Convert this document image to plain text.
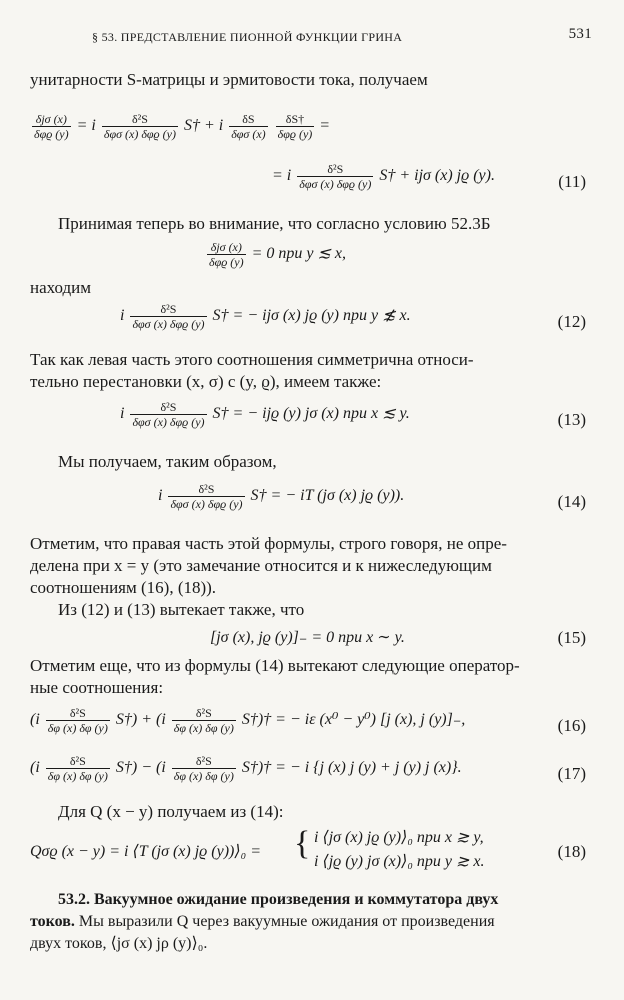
§ 53. ПРЕДСТАВЛЕНИЕ ПИОННОЙ ФУНКЦИИ ГРИНА	531
унитарности S-матрицы и эрмитовости тока, получаем
$\frac{\text{δjσ (x)}}{\text{δφϱ (y)}} = i \frac{\text{δ²S}}{\text{δφσ (x) δφϱ (y)}}$ S† + i $\frac{\delta S}{\text{δφσ (x)}}$
$\frac{\delta S\dagger}{\text{δφϱ (y)}}$ =
= i $\frac{\text{δ²S}}{\text{δφσ (x) δφϱ (y)}}$ S† + ijσ (x) jϱ (y).	(11)
Принимая теперь во внимание, что согласно условию 52.3Б
$\frac{\text{δjσ (x)}}{\text{δφϱ (y)}} = 0$ при y ≲ x,
находим
i $\frac{\text{δ²S}}{\text{δφσ (x) δφϱ (y)}}$ S† = − ijσ (x) jϱ (y) при y ≴ x.	(12)
Так как левая часть этого соотношения симметрична относи-
тельно перестановки (x, σ) с (y, ϱ), имеем также:
i $\frac{\text{δ²S}}{\text{δφσ (x) δφϱ (y)}}$ S† = − ijϱ (y) jσ (x) при x ≲ y.	(13)
Мы получаем, таким образом,
i $\frac{\text{δ²S}}{\text{δφσ (x) δφϱ (y)}}$ S† = − iT (jσ (x) jϱ (y)).	(14)
Отметим, что правая часть этой формулы, строго говоря, не опре-
делена при x = y (это замечание относится и к нижеследующим
соотношениям (16), (18)).
Из (12) и (13) вытекает также, что
[jσ (x), jϱ (y)]₋ = 0 при x ∼ y.	(15)
Отметим еще, что из формулы (14) вытекают следующие оператор-
ные соотношения:
($i \frac{\text{δ²S}}{\delta\varphi (x) \delta\varphi (y)}$ S†) + ($i \frac{\text{δ²S}}{\delta\varphi (x) \delta\varphi (y)}$ S†)† = − iε (x⁰ − y⁰) [j (x), j (y)]₋,	(16)
($i \frac{\text{δ²S}}{\delta\varphi (x) \delta\varphi (y)}$ S†) − ($i \frac{\text{δ²S}}{\delta\varphi (x) \delta\varphi (y)}$ S†)† = − i {j (x) j (y) + j (y) j (x)}.	(17)
Для Q (x − y) получаем из (14):
Qσϱ (x − y) = i ⟨T (jσ (x) jϱ (y))⟩₀ = { i ⟨jσ (x) jϱ (y)⟩₀ при x ≳ y,
i ⟨jϱ (y) jσ (x)⟩₀ при y ≳ x.
(18)
53.2. Вакуумное ожидание произведения и коммутатора двух
токов. Мы выразили Q через вакуумные ожидания от произведения
двух токов, ⟨jσ (x) jρ (y)⟩₀.
